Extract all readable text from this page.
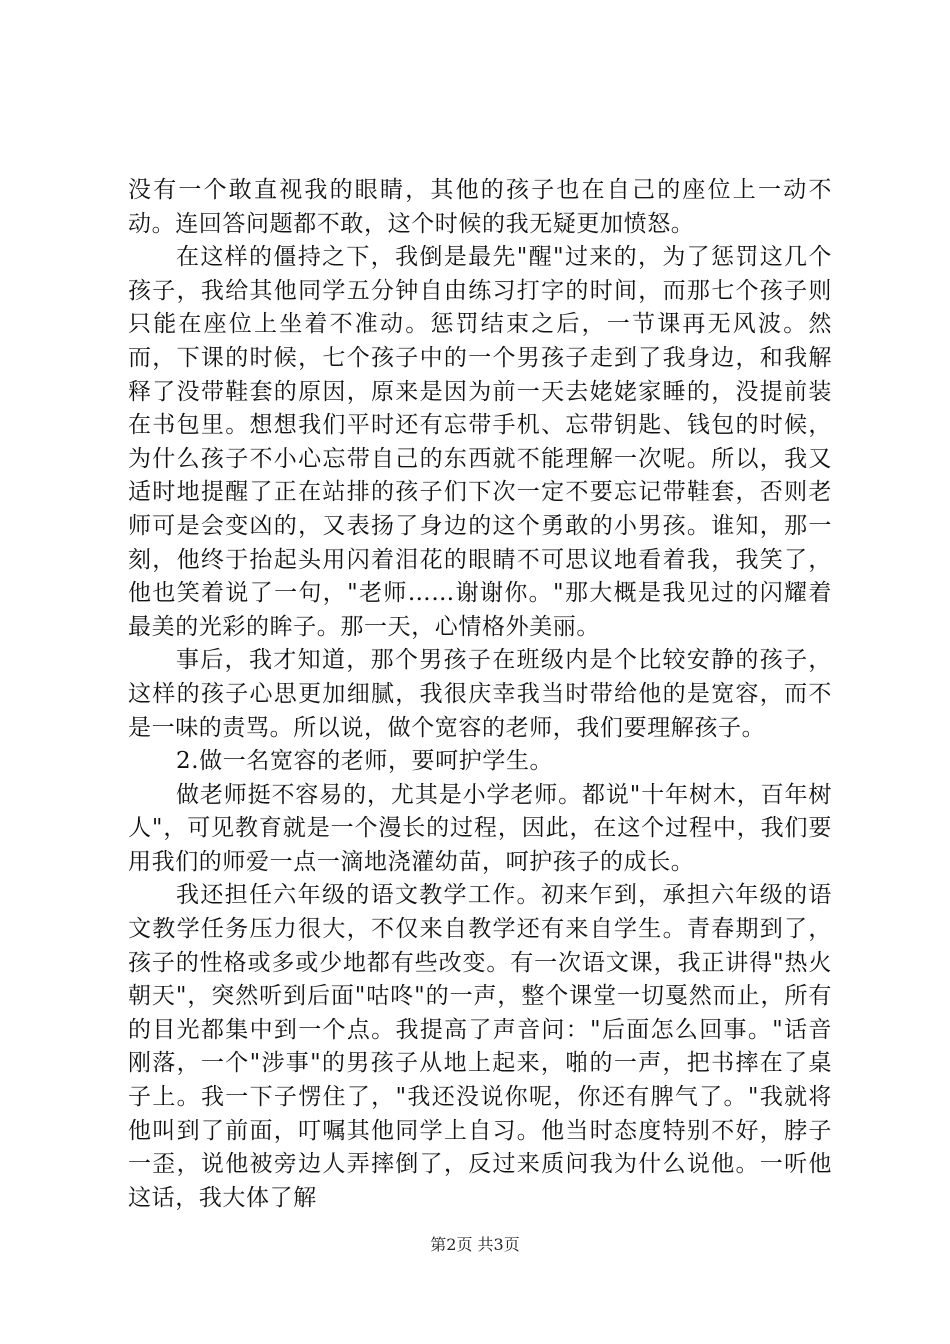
没有一个敢直视我的眼睛，其他的孩子也在自己的座位上一动不动。连回答问题都不敢，这个时候的我无疑更加愤怒。

在这样的僵持之下，我倒是最先"醒"过来的，为了惩罚这几个孩子，我给其他同学五分钟自由练习打字的时间，而那七个孩子则只能在座位上坐着不准动。惩罚结束之后，一节课再无风波。然而，下课的时候，七个孩子中的一个男孩子走到了我身边，和我解释了没带鞋套的原因，原来是因为前一天去姥姥家睡的，没提前装在书包里。想想我们平时还有忘带手机、忘带钥匙、钱包的时候，为什么孩子不小心忘带自己的东西就不能理解一次呢。所以，我又适时地提醒了正在站排的孩子们下次一定不要忘记带鞋套，否则老师可是会变凶的，又表扬了身边的这个勇敢的小男孩。谁知，那一刻，他终于抬起头用闪着泪花的眼睛不可思议地看着我，我笑了，他也笑着说了一句，"老师……谢谢你。"那大概是我见过的闪耀着最美的光彩的眸子。那一天，心情格外美丽。

事后，我才知道，那个男孩子在班级内是个比较安静的孩子，这样的孩子心思更加细腻，我很庆幸我当时带给他的是宽容，而不是一味的责骂。所以说，做个宽容的老师，我们要理解孩子。

2.做一名宽容的老师，要呵护学生。

做老师挺不容易的，尤其是小学老师。都说"十年树木，百年树人"，可见教育就是一个漫长的过程，因此，在这个过程中，我们要用我们的师爱一点一滴地浇灌幼苗，呵护孩子的成长。

我还担任六年级的语文教学工作。初来乍到，承担六年级的语文教学任务压力很大，不仅来自教学还有来自学生。青春期到了，孩子的性格或多或少地都有些改变。有一次语文课，我正讲得"热火朝天"，突然听到后面"咕咚"的一声，整个课堂一切戛然而止，所有的目光都集中到一个点。我提高了声音问："后面怎么回事。"话音刚落，一个"涉事"的男孩子从地上起来，啪的一声，把书摔在了桌子上。我一下子愣住了，"我还没说你呢，你还有脾气了。"我就将他叫到了前面，叮嘱其他同学上自习。他当时态度特别不好，脖子一歪，说他被旁边人弄摔倒了，反过来质问我为什么说他。一听他这话，我大体了解

第2页 共3页
